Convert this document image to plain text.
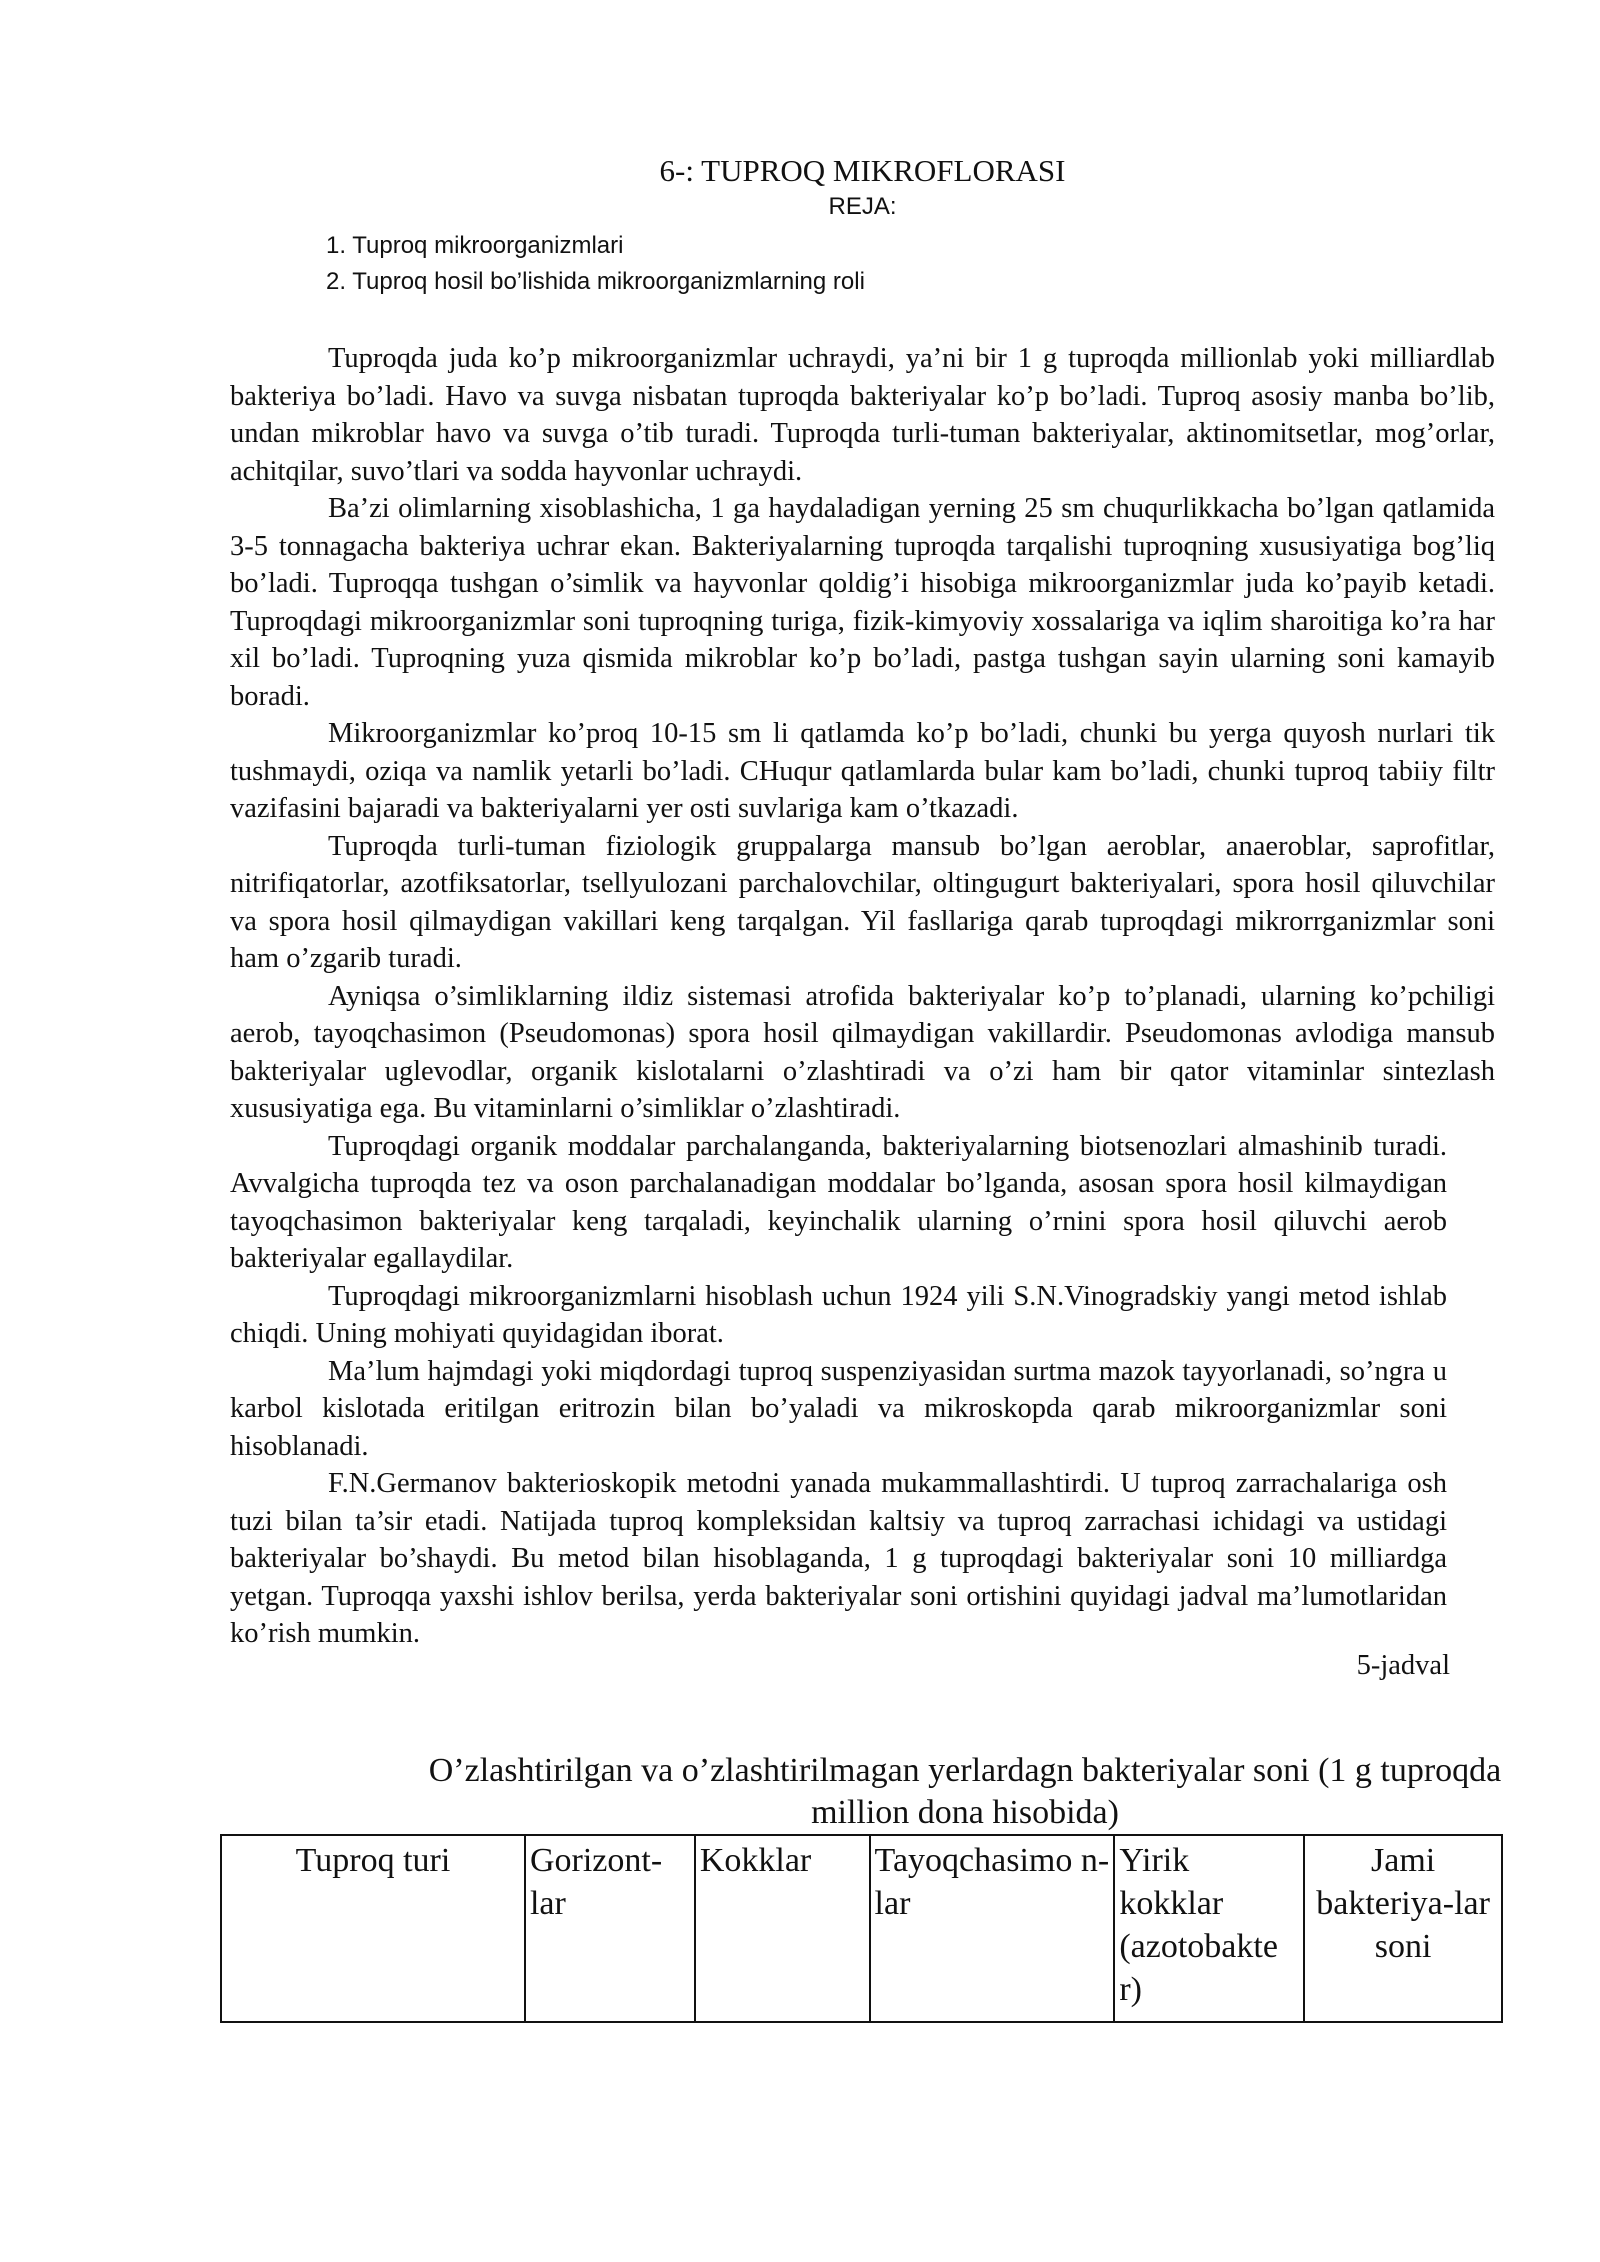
6-: TUPROQ MIKROFLORASI
REJA:
1. Tuproq mikroorganizmlari
2. Tuproq hosil bo’lishida mikroorganizmlarning roli

Tuproqda juda ko’p mikroorganizmlar uchraydi, ya’ni bir 1 g tuproqda millionlab yoki milliardlab bakteriya bo’ladi. Havo va suvga nisbatan tuproqda bakteriyalar ko’p bo’ladi. Tuproq asosiy manba bo’lib, undan mikroblar havo va suvga o’tib turadi. Tuproqda turli-tuman bakteriyalar, aktinomitsetlar, mog’orlar, achitqilar, suvo’tlari va sodda hayvonlar uchraydi.

Ba’zi olimlarning xisoblashicha, 1 ga haydaladigan yerning 25 sm chuqurlikkacha bo’lgan qatlamida 3-5 tonnagacha bakteriya uchrar ekan. Bakteriyalarning tuproqda tarqalishi tuproqning xususiyatiga bog’liq bo’ladi. Tuproqqa tushgan o’simlik va hayvonlar qoldig’i hisobiga mikroorganizmlar juda ko’payib ketadi. Tuproqdagi mikroorganizmlar soni tuproqning turiga, fizik-kimyoviy xossalariga va iqlim sharoitiga ko’ra har xil bo’ladi. Tuproqning yuza qismida mikroblar ko’p bo’ladi, pastga tushgan sayin ularning soni kamayib boradi.

Mikroorganizmlar ko’proq 10-15 sm li qatlamda ko’p bo’ladi, chunki bu yerga quyosh nurlari tik tushmaydi, oziqa va namlik yetarli bo’ladi. CHuqur qatlamlarda bular kam bo’ladi, chunki tuproq tabiiy filtr vazifasini bajaradi va bakteriyalarni yer osti suvlariga kam o’tkazadi.

Tuproqda turli-tuman fiziologik gruppalarga mansub bo’lgan aeroblar, anaeroblar, saprofitlar, nitrifiqatorlar, azotfiksatorlar, tsellyulozani parchalovchilar, oltingugurt bakteriyalari, spora hosil qiluvchilar va spora hosil qilmaydigan vakillari keng tarqalgan. Yil fasllariga qarab tuproqdagi mikrorrganizmlar soni ham o’zgarib turadi.

Ayniqsa o’simliklarning ildiz sistemasi atrofida bakteriyalar ko’p to’planadi, ularning ko’pchiligi aerob, tayoqchasimon (Pseudomonas) spora hosil qilmaydigan vakillardir. Pseudomonas avlodiga mansub bakteriyalar uglevodlar, organik kislotalarni o’zlashtiradi va o’zi ham bir qator vitaminlar sintezlash xususiyatiga ega. Bu vitaminlarni o’simliklar o’zlashtiradi.

Tuproqdagi organik moddalar parchalanganda, bakteriyalarning biotsenozlari almashinib turadi. Avvalgicha tuproqda tez va oson parchalanadigan moddalar bo’lganda, asosan spora hosil kilmaydigan tayoqchasimon bakteriyalar keng tarqaladi, keyinchalik ularning o’rnini spora hosil qiluvchi aerob bakteriyalar egallaydilar.

Tuproqdagi mikroorganizmlarni hisoblash uchun 1924 yili S.N.Vinogradskiy yangi metod ishlab chiqdi. Uning mohiyati quyidagidan iborat.

Ma’lum hajmdagi yoki miqdordagi tuproq suspenziyasidan surtma mazok tayyorlanadi, so’ngra u karbol kislotada eritilgan eritrozin bilan bo’yaladi va mikroskopda qarab mikroorganizmlar soni hisoblanadi.

F.N.Germanov bakterioskopik metodni yanada mukammallashtirdi. U tuproq zarrachalariga osh tuzi bilan ta’sir etadi. Natijada tuproq kompleksidan kaltsiy va tuproq zarrachasi ichidagi va ustidagi bakteriyalar bo’shaydi. Bu metod bilan hisoblaganda, 1 g tuproqdagi bakteriyalar soni 10 milliardga yetgan. Tuproqqa yaxshi ishlov berilsa, yerda bakteriyalar soni ortishini quyidagi jadval ma’lumotlaridan ko’rish mumkin.

5-jadval
O’zlashtirilgan va o’zlashtirilmagan yerlardagn bakteriyalar soni (1 g tuproqda million dona hisobida)
Tuproq turi	Gorizont-lar	Kokklar	Tayoqchasimo n-lar	Yirik kokklar (azotobakte r)	Jami bakteriya-lar soni
